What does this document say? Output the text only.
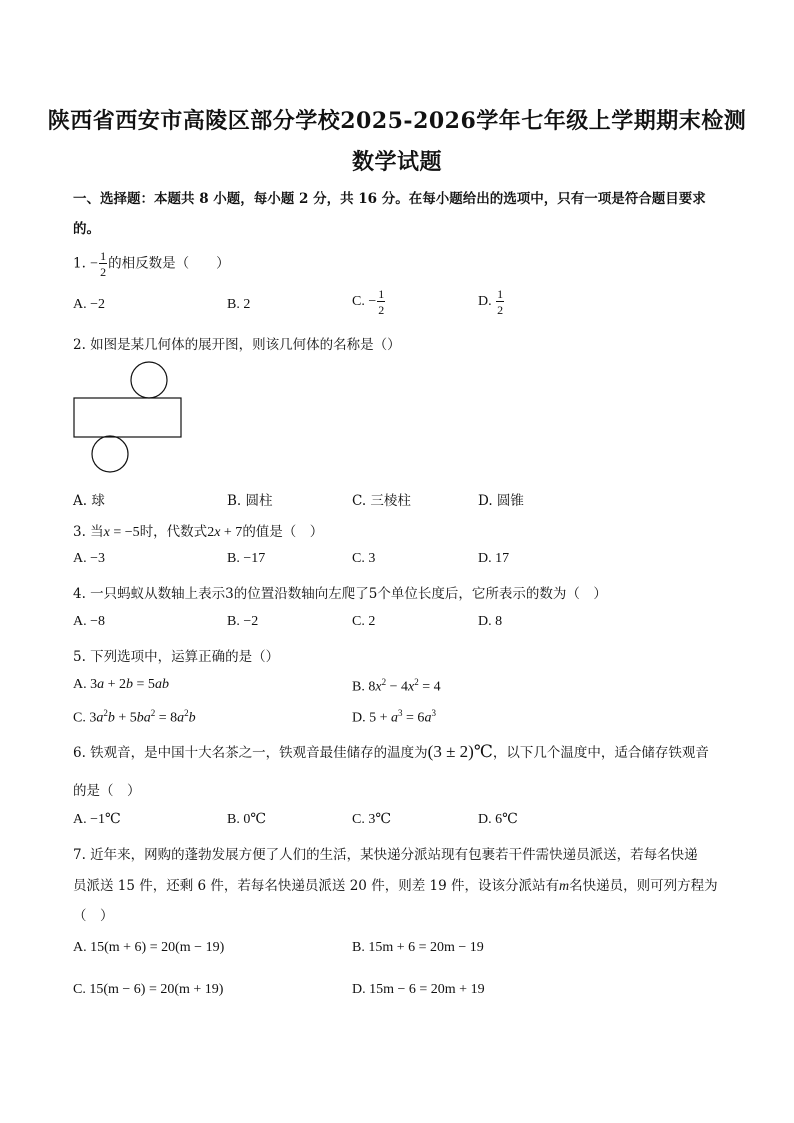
陕西省西安市高陵区部分学校2025-2026学年七年级上学期期末检测
数学试题
一、选择题：本题共 8 小题，每小题 2 分，共 16 分。在每小题给出的选项中，只有一项是符合题目要求
的。
1. − $\frac{1}{2}$ 的相反数是（　　）
A. −2	B. 2	C. − $\frac{1}{2}$	D. $\frac{1}{2}$
2. 如图是某几何体的展开图，则该几何体的名称是（）
A. 球	B. 圆柱	C. 三棱柱	D. 圆锥
3. 当x = −5时，代数式2x + 7的值是（　）
A. −3	B. −17	C. 3	D. 17
4. 一只蚂蚁从数轴上表示3的位置沿数轴向左爬了5个单位长度后，它所表示的数为（　）
A. −8	B. −2	C. 2	D. 8
5. 下列选项中，运算正确的是（）
A. 3a + 2b = 5ab	B. $8x^2 - 4x^2 = 4$
C. $3a^2b + 5ba^2 = 8a^2b$	D. $5 + a^3 = 6a^3$
6. 铁观音，是中国十大名茶之一，铁观音最佳储存的温度为(3 ± 2)℃，以下几个温度中，适合储存铁观音
的是（　）
A. −1℃	B. 0℃	C. 3℃	D. 6℃
7. 近年来，网购的蓬勃发展方便了人们的生活，某快递分派站现有包裹若干件需快递员派送，若每名快递
员派送 15 件，还剩 6 件，若每名快递员派送 20 件，则差 19 件，设该分派站有m名快递员，则可列方程为
（　）
A. 15(m + 6) = 20(m − 19)	B. 15m + 6 = 20m − 19
C. 15(m − 6) = 20(m + 19)	D. 15m − 6 = 20m + 19
